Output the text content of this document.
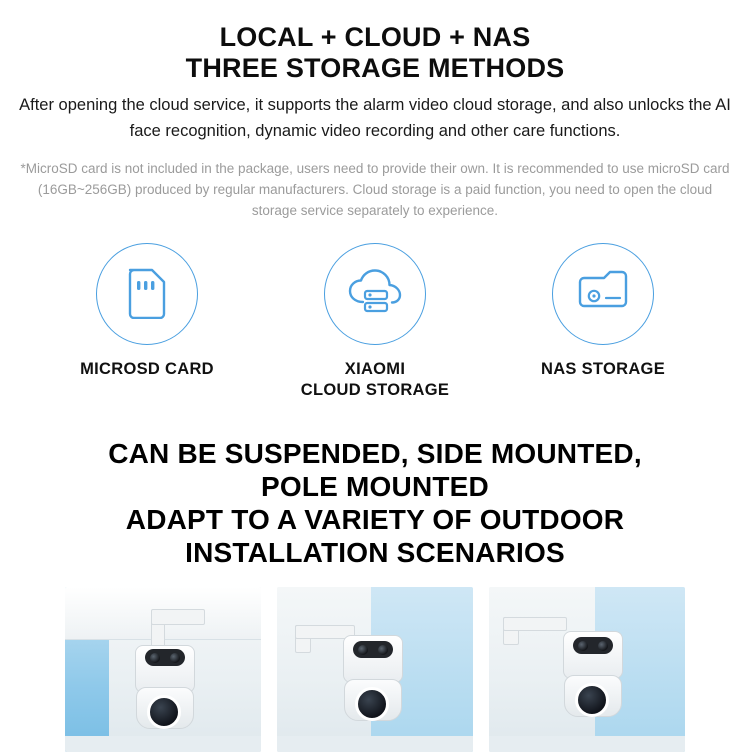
LOCAL + CLOUD + NAS
THREE STORAGE METHODS
After opening the cloud service, it supports the alarm video cloud storage, and also unlocks the AI face recognition, dynamic video recording and other care functions.
*MicroSD card is not included in the package, users need to provide their own. It is recommended to use microSD card (16GB~256GB) produced by regular manufacturers. Cloud storage is a paid function, you need to open the cloud storage service separately to experience.
MICROSD CARD	XIAOMI
CLOUD STORAGE
NAS STORAGE
CAN BE SUSPENDED, SIDE MOUNTED,
POLE MOUNTED
ADAPT TO A VARIETY OF OUTDOOR
INSTALLATION SCENARIOS
